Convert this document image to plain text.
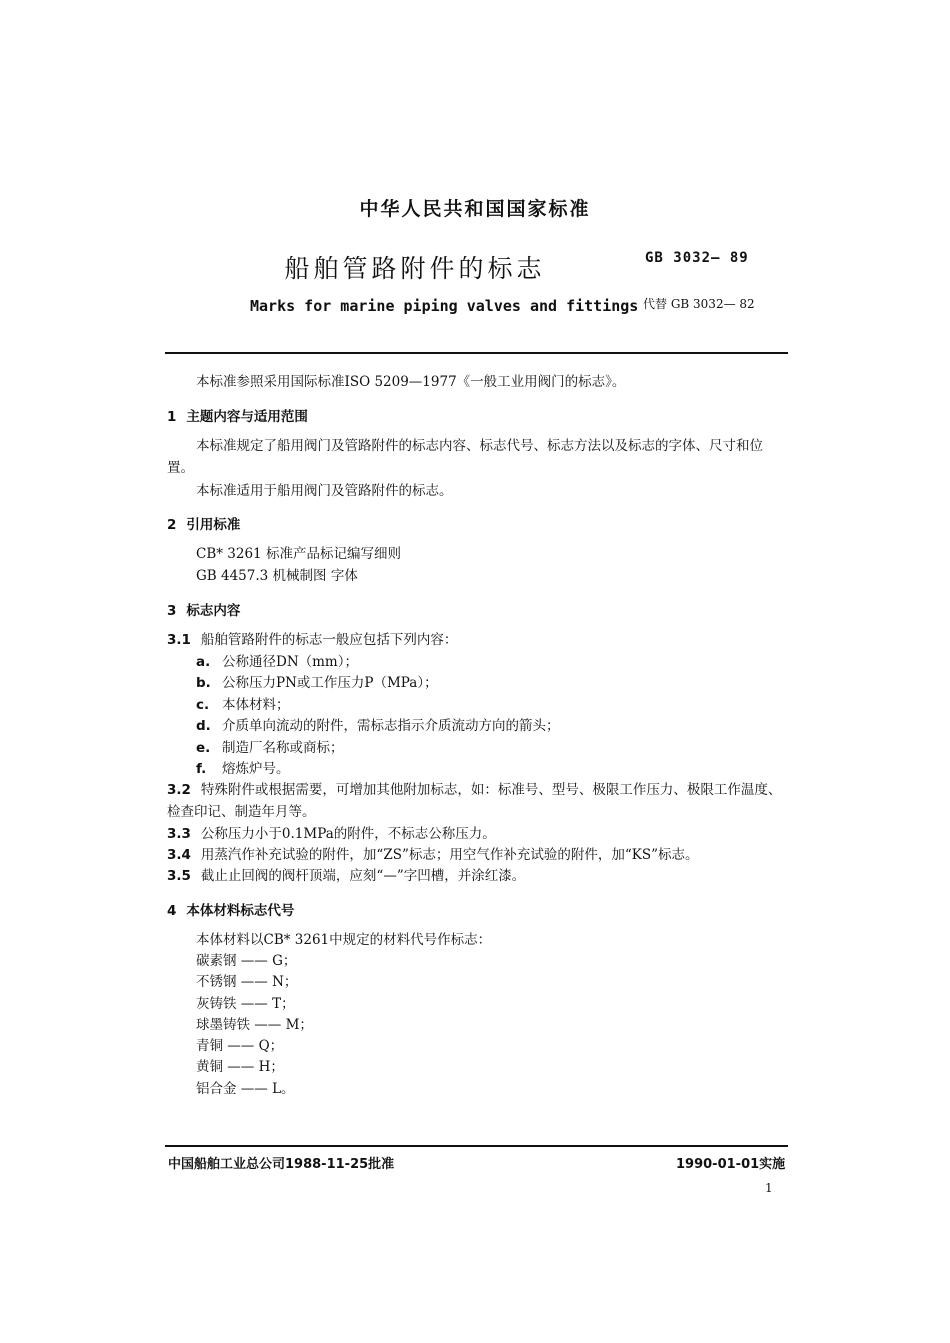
中华人民共和国国家标准
船舶管路附件的标志	GB 3032— 89
Marks for marine piping valves and fittings 代替 GB 3032— 82
本标准参照采用国际标准ISO 5209—1977《一般工业用阀门的标志》。
1 主题内容与适用范围
本标准规定了船用阀门及管路附件的标志内容、标志代号、标志方法以及标志的字体、尺寸和位置。
本标准适用于船用阀门及管路附件的标志。
2 引用标准
CB* 3261 标准产品标记编写细则
GB 4457.3 机械制图 字体
3 标志内容
3.1 船舶管路附件的标志一般应包括下列内容：
a. 公称通径DN（mm）；
b. 公称压力PN或工作压力P（MPa）；
c. 本体材料；
d. 介质单向流动的附件，需标志指示介质流动方向的箭头；
e. 制造厂名称或商标；
f. 熔炼炉号。
3.2 特殊附件或根据需要，可增加其他附加标志，如：标准号、型号、极限工作压力、极限工作温度、检查印记、制造年月等。
3.3 公称压力小于0.1MPa的附件，不标志公称压力。
3.4 用蒸汽作补充试验的附件，加“ZS”标志；用空气作补充试验的附件，加“KS”标志。
3.5 截止止回阀的阀杆顶端，应刻“—”字凹槽，并涂红漆。
4 本体材料标志代号
本体材料以CB* 3261中规定的材料代号作标志：
碳素钢 —— G；
不锈钢 —— N；
灰铸铁 —— T；
球墨铸铁 —— M；
青铜 —— Q；
黄铜 —— H；
铝合金 —— L。
中国船舶工业总公司1988-11-25批准	1990-01-01实施
1
